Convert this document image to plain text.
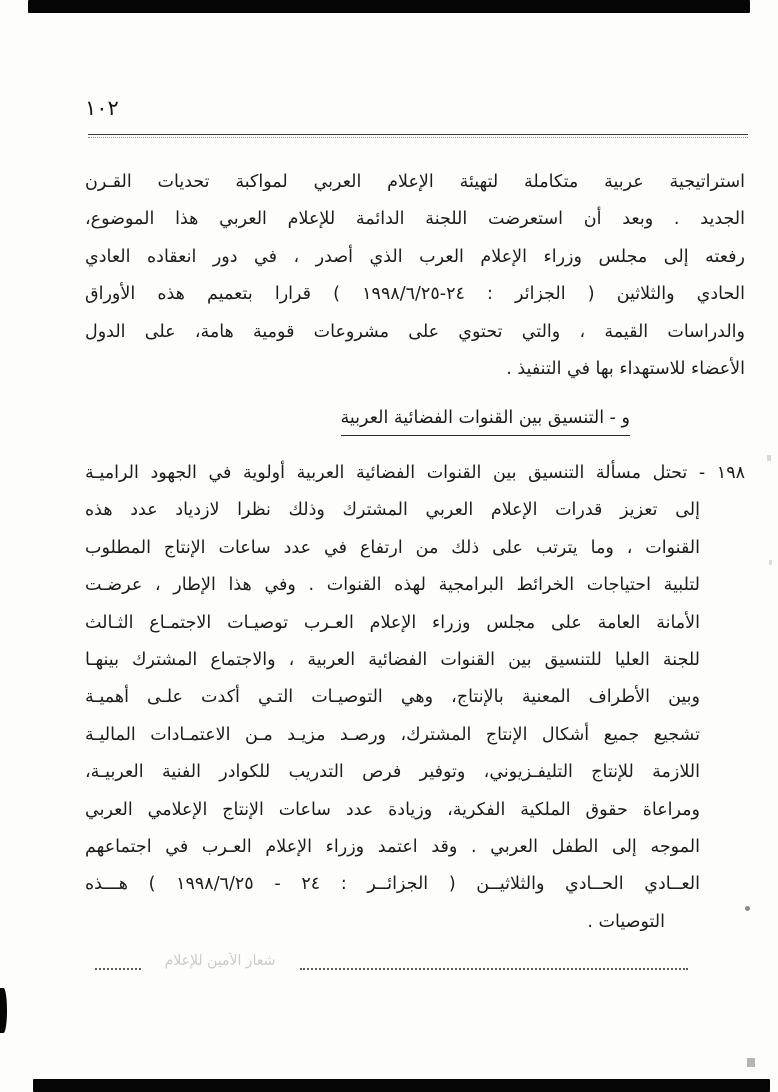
١٠٢
استراتيجية عربية متكاملة لتهيئة الإعلام العربي لمواكبة تحديات القـرن
الجديد . وبعد أن استعرضت اللجنة الدائمة للإعلام العربي هذا الموضوع،
رفعته إلى مجلس وزراء الإعلام العرب الذي أصدر ، في دور انعقاده العادي
الحادي والثلاثين ( الجزائر : ٢٤-١٩٩٨/٦/٢٥ ) قرارا بتعميم هذه الأوراق
والدراسات القيمة ، والتي تحتوي على مشروعات قومية هامة، على الدول
الأعضاء للاستهداء بها في التنفيذ .
و - التنسيق بين القنوات الفضائية العربية
١٩٨ - تحتل مسألة التنسيق بين القنوات الفضائية العربية أولوية في الجهود الراميـة
إلى تعزيز قدرات الإعلام العربي المشترك وذلك نظرا لازدياد عدد هذه
القنوات ، وما يترتب على ذلك من ارتفاع في عدد ساعات الإنتاج المطلوب
لتلبية احتياجات الخرائط البرامجية لهذه القنوات . وفي هذا الإطار ، عرضـت
الأمانة العامة على مجلس وزراء الإعلام العـرب توصيـات الاجتمـاع الثـالث
للجنة العليا للتنسيق بين القنوات الفضائية العربية ، والاجتماع المشترك بينهـا
وبين الأطراف المعنية بالإنتاج، وهي التوصيـات التـي أكدت علـى أهميـة
تشجيع جميع أشكال الإنتاج المشترك، ورصـد مزيـد مـن الاعتمـادات الماليـة
اللازمة للإنتاج التليفـزيوني، وتوفير فرص التدريب للكوادر الفنية العربيـة،
ومراعاة حقوق الملكية الفكرية، وزيادة عدد ساعات الإنتاج الإعلامي العربي
الموجه إلى الطفل العربي . وقد اعتمد وزراء الإعلام العـرب في اجتماعهم
العــادي الحــادي والثلاثيــن ( الجزائــر : ٢٤ - ١٩٩٨/٦/٢٥ ) هـــذه
التوصيات .
شعار الأمين للإعلام
